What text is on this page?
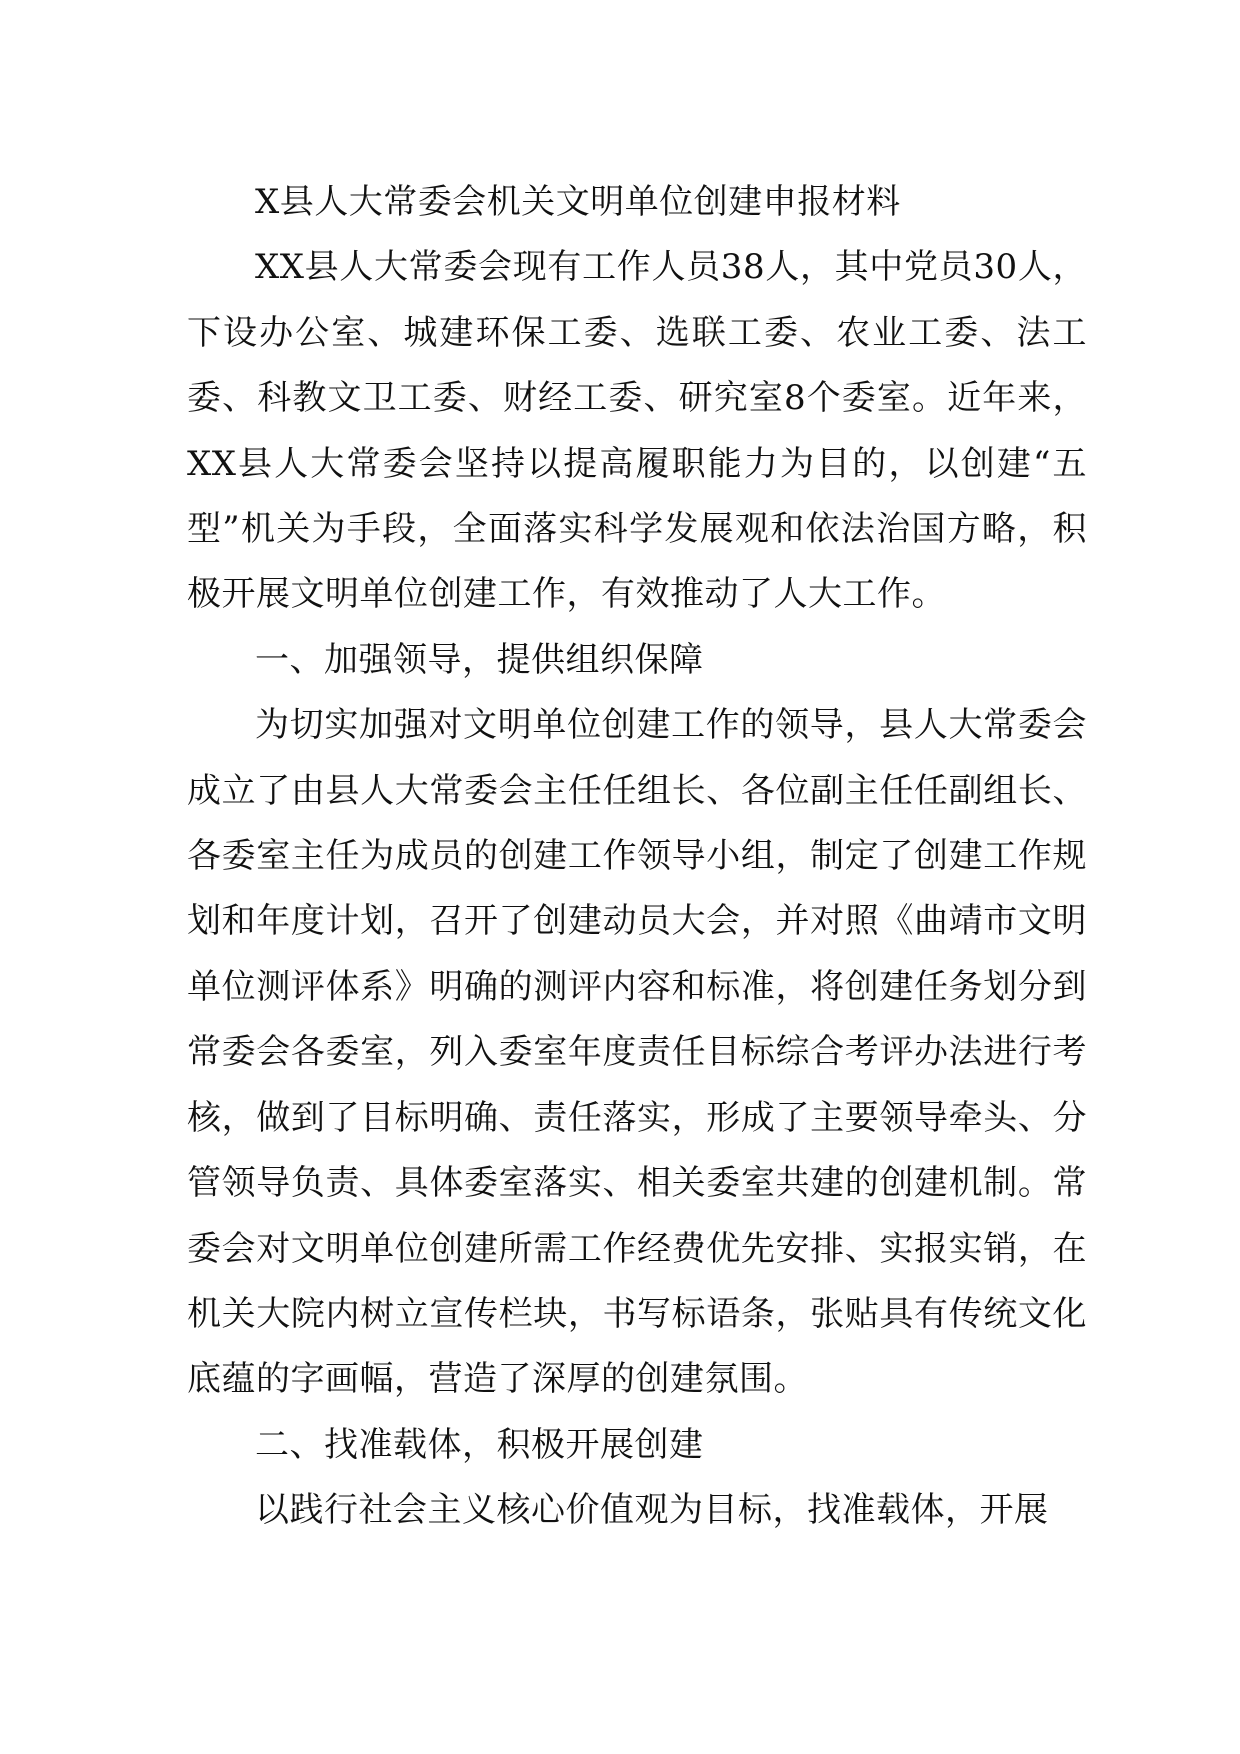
X县人大常委会机关文明单位创建申报材料

XX县人大常委会现有工作人员38人，其中党员30人，下设办公室、城建环保工委、选联工委、农业工委、法工委、科教文卫工委、财经工委、研究室8个委室。近年来，XX县人大常委会坚持以提高履职能力为目的，以创建“五型”机关为手段，全面落实科学发展观和依法治国方略，积极开展文明单位创建工作，有效推动了人大工作。

一、加强领导，提供组织保障

为切实加强对文明单位创建工作的领导，县人大常委会成立了由县人大常委会主任任组长、各位副主任任副组长、各委室主任为成员的创建工作领导小组，制定了创建工作规划和年度计划，召开了创建动员大会，并对照《曲靖市文明单位测评体系》明确的测评内容和标准，将创建任务划分到常委会各委室，列入委室年度责任目标综合考评办法进行考核，做到了目标明确、责任落实，形成了主要领导牵头、分管领导负责、具体委室落实、相关委室共建的创建机制。常委会对文明单位创建所需工作经费优先安排、实报实销，在机关大院内树立宣传栏块，书写标语条，张贴具有传统文化底蕴的字画幅，营造了深厚的创建氛围。

二、找准载体，积极开展创建

以践行社会主义核心价值观为目标，找准载体，开展
